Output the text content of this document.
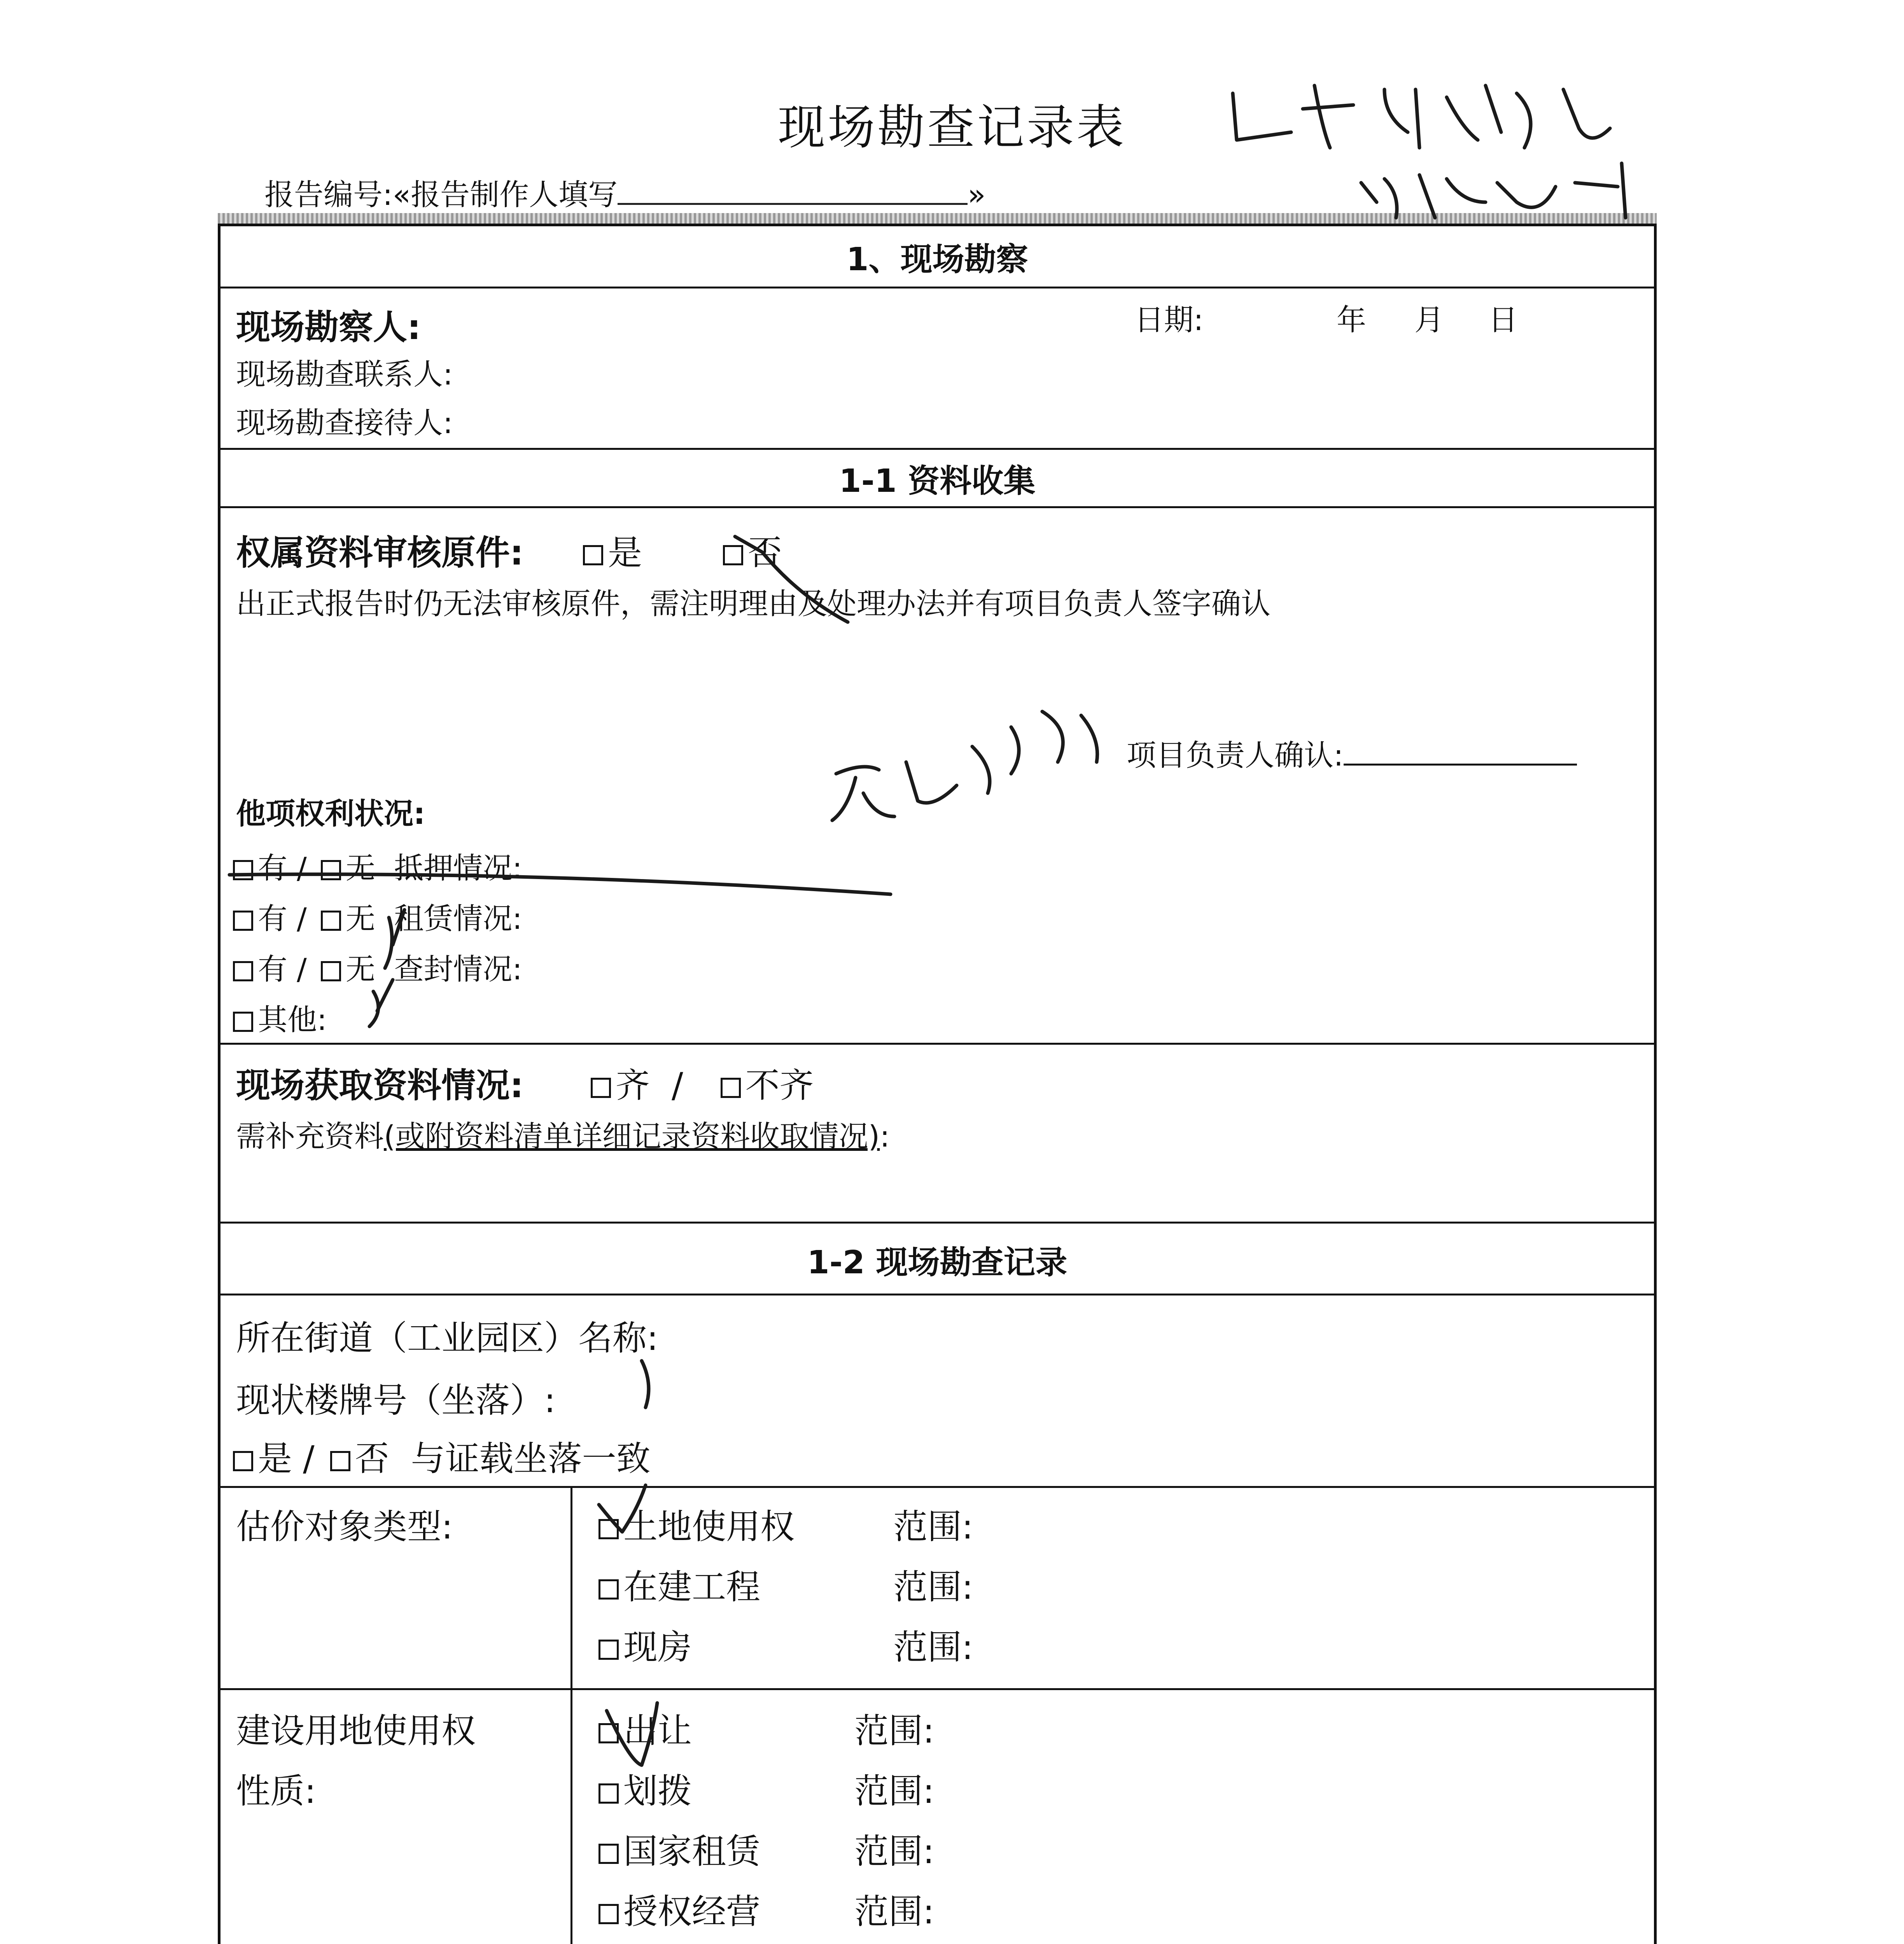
现场勘查记录表
报告编号:«报告制作人填写	»
1、现场勘察
现场勘察人:	日期:	年 月 日
现场勘查联系人:
现场勘查接待人:
1-1 资料收集
权属资料审核原件:	是	否
出正式报告时仍无法审核原件，需注明理由及处理办法并有项目负责人签字确认
项目负责人确认:
他项权利状况:
有 / 无 抵押情况:
有 / 无 租赁情况:
有 / 无 查封情况:
其他:
现场获取资料情况:	齐  /   不齐
需补充资料(或附资料清单详细记录资料收取情况):
1-2 现场勘查记录
所在街道（工业园区）名称:
现状楼牌号（坐落）:
是 / 否 与证载坐落一致
估价对象类型:	土地使用权	范围:
在建工程	范围:
现房	范围:
建设用地使用权
性质:
出让	范围:
划拨	范围:
国家租赁	范围:
授权经营	范围:
